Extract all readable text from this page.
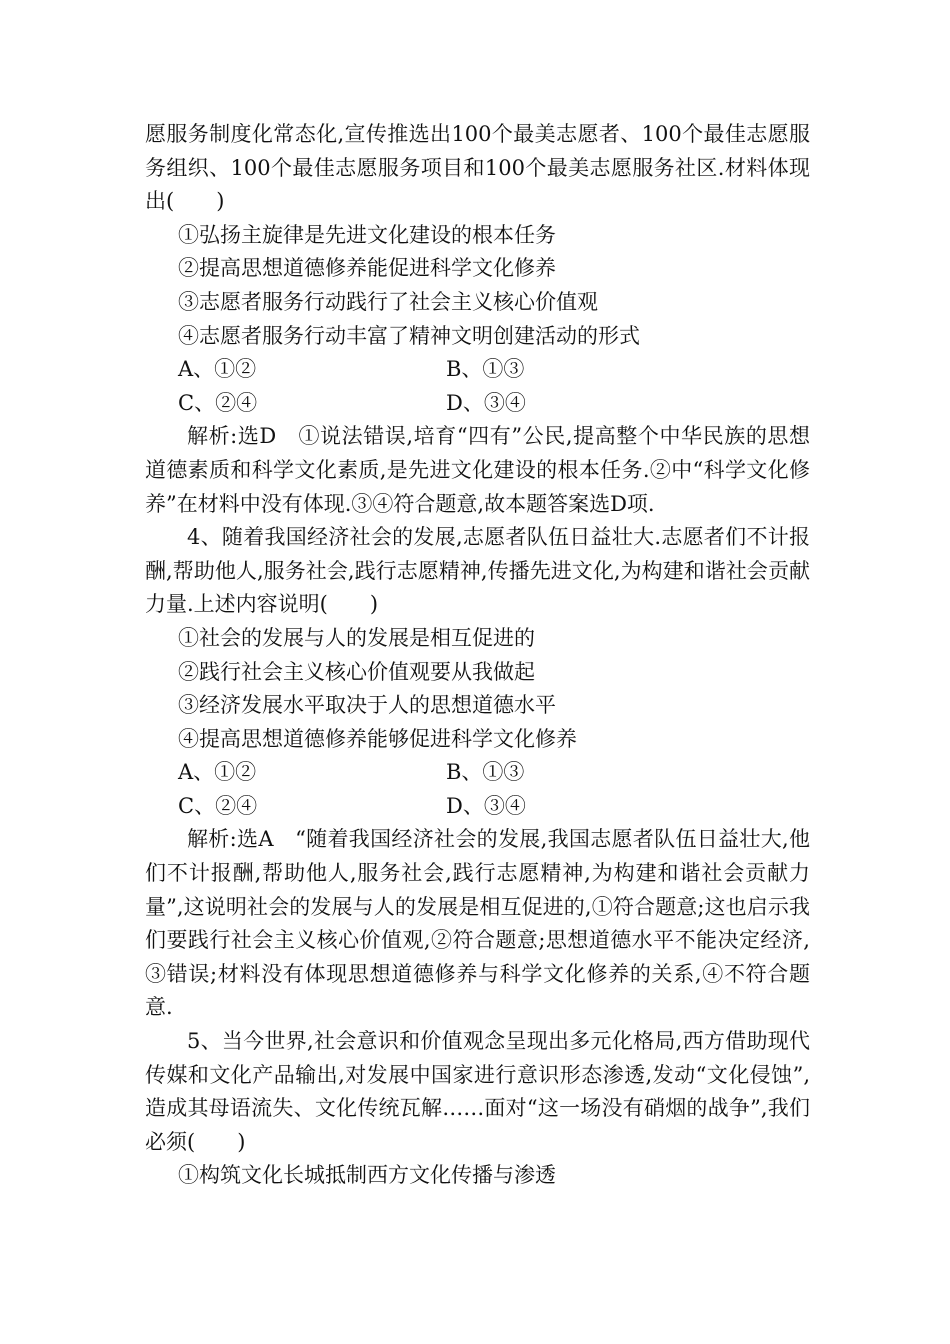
愿服务制度化常态化,宣传推选出100个最美志愿者、100个最佳志愿服务组织、100个最佳志愿服务项目和100个最美志愿服务社区.材料体现出(　　)

①弘扬主旋律是先进文化建设的根本任务

②提高思想道德修养能促进科学文化修养

③志愿者服务行动践行了社会主义核心价值观

④志愿者服务行动丰富了精神文明创建活动的形式

A、①②	B、①③
C、②④	D、③④

解析:选D　①说法错误,培育“四有”公民,提高整个中华民族的思想道德素质和科学文化素质,是先进文化建设的根本任务.②中“科学文化修养”在材料中没有体现.③④符合题意,故本题答案选D项.

4、随着我国经济社会的发展,志愿者队伍日益壮大.志愿者们不计报酬,帮助他人,服务社会,践行志愿精神,传播先进文化,为构建和谐社会贡献力量.上述内容说明(　　)

①社会的发展与人的发展是相互促进的

②践行社会主义核心价值观要从我做起

③经济发展水平取决于人的思想道德水平

④提高思想道德修养能够促进科学文化修养

A、①②	B、①③
C、②④	D、③④

解析:选A　“随着我国经济社会的发展,我国志愿者队伍日益壮大,他们不计报酬,帮助他人,服务社会,践行志愿精神,为构建和谐社会贡献力量”,这说明社会的发展与人的发展是相互促进的,①符合题意;这也启示我们要践行社会主义核心价值观,②符合题意;思想道德水平不能决定经济,③错误;材料没有体现思想道德修养与科学文化修养的关系,④不符合题意.

5、当今世界,社会意识和价值观念呈现出多元化格局,西方借助现代传媒和文化产品输出,对发展中国家进行意识形态渗透,发动“文化侵蚀”,造成其母语流失、文化传统瓦解……面对“这一场没有硝烟的战争”,我们必须(　　)

①构筑文化长城抵制西方文化传播与渗透
